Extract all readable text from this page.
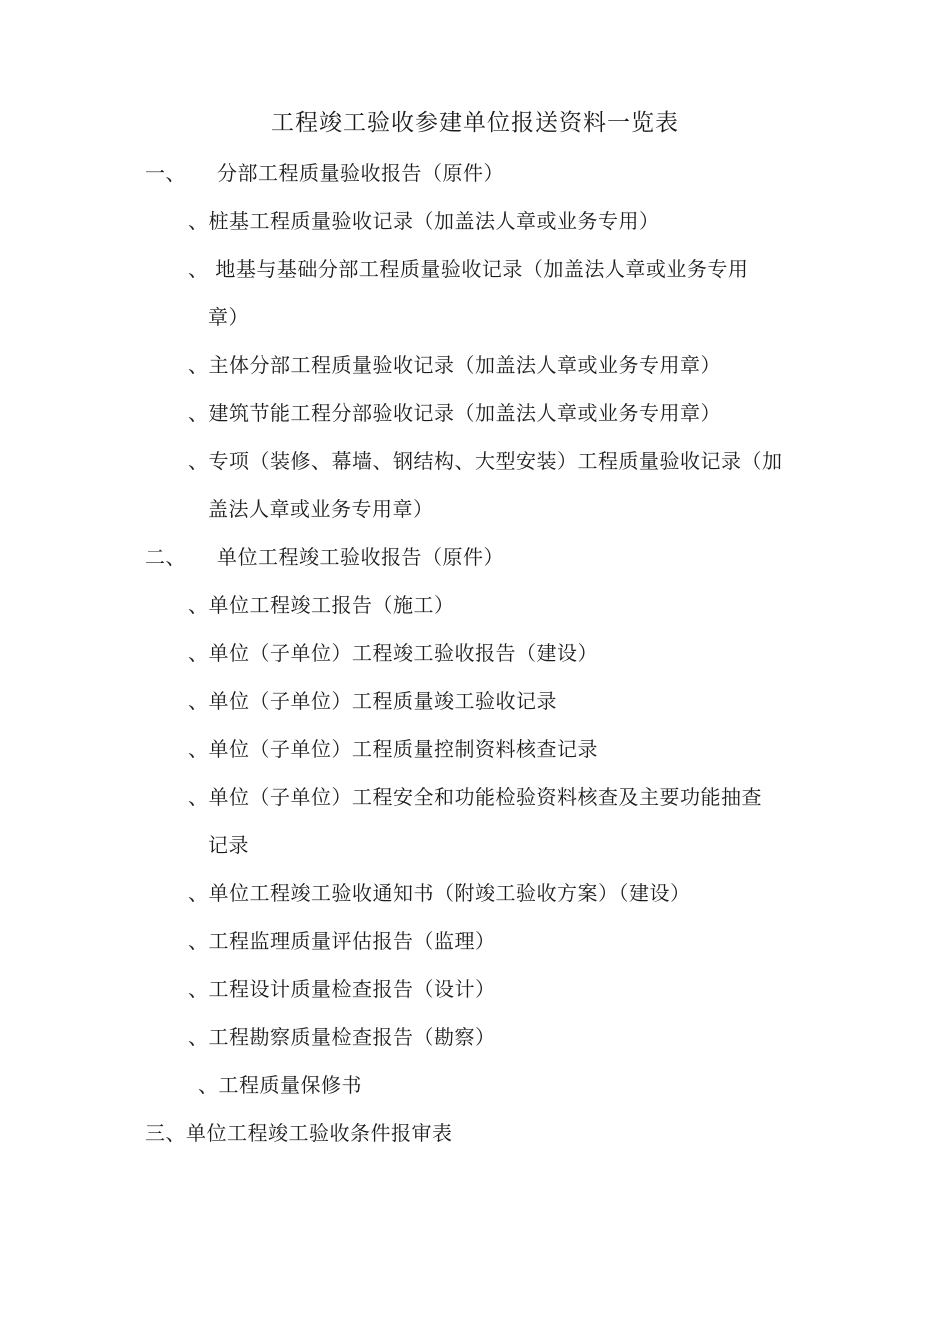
工程竣工验收参建单位报送资料一览表
一、 分部工程质量验收报告（原件）
、桩基工程质量验收记录（加盖法人章或业务专用）
、 地基与基础分部工程质量验收记录（加盖法人章或业务专用
章）
、主体分部工程质量验收记录（加盖法人章或业务专用章）
、建筑节能工程分部验收记录（加盖法人章或业务专用章）
、专项（装修、幕墙、钢结构、大型安装）工程质量验收记录（加
盖法人章或业务专用章）
二、 单位工程竣工验收报告（原件）
、单位工程竣工报告（施工）
、单位（子单位）工程竣工验收报告（建设）
、单位（子单位）工程质量竣工验收记录
、单位（子单位）工程质量控制资料核查记录
、单位（子单位）工程安全和功能检验资料核查及主要功能抽查
记录
、单位工程竣工验收通知书（附竣工验收方案）（建设）
、工程监理质量评估报告（监理）
、工程设计质量检查报告（设计）
、工程勘察质量检查报告（勘察）
、工程质量保修书
三、单位工程竣工验收条件报审表
